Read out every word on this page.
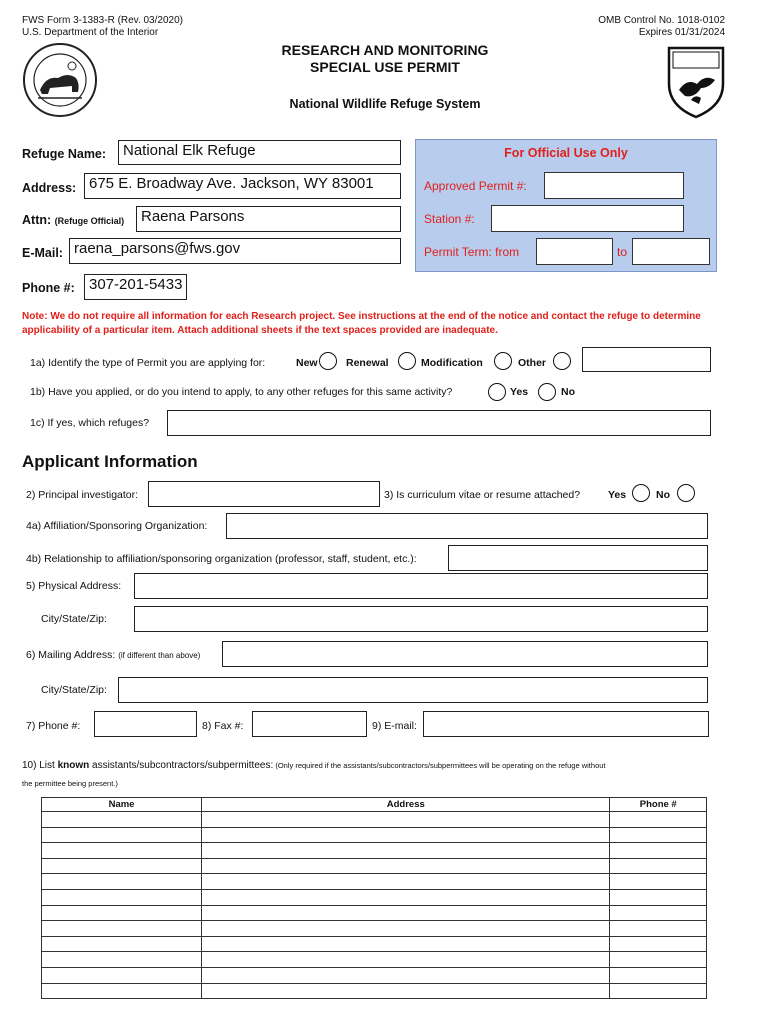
FWS Form 3-1383-R (Rev. 03/2020)
U.S. Department of the Interior
OMB Control No. 1018-0102
Expires 01/31/2024
RESEARCH AND MONITORING
SPECIAL USE PERMIT
National Wildlife Refuge System
Refuge Name:	National Elk Refuge
Address: 675 E. Broadway Ave. Jackson, WY 83001
Attn: (Refuge Official)	Raena Parsons
E-Mail: raena_parsons@fws.gov
Phone #: 307-201-5433
For Official Use Only
Approved Permit #:
Station #:
Permit Term: from	to
Note: We do not require all information for each Research project. See instructions at the end of the notice and contact the refuge to determine applicability of a particular item. Attach additional sheets if the text spaces provided are inadequate.
1a) Identify the type of Permit you are applying for:	New	Renewal	Modification	Other
1b) Have you applied, or do you intend to apply, to any other refuges for this same activity?	Yes	No
1c) If yes, which refuges?
Applicant Information
2) Principal investigator:	3) Is curriculum vitae or resume attached?	Yes	No
4a) Affiliation/Sponsoring Organization:
4b) Relationship to affiliation/sponsoring organization (professor, staff, student, etc.):
5) Physical Address:
City/State/Zip:
6) Mailing Address: (if different than above)
City/State/Zip:
7) Phone #:	8) Fax #:	9) E-mail:
10) List known assistants/subcontractors/subpermittees: (Only required if the assistants/subcontractors/subpermittees will be operating on the refuge without
the permittee being present.)
Name	Address	Phone #
